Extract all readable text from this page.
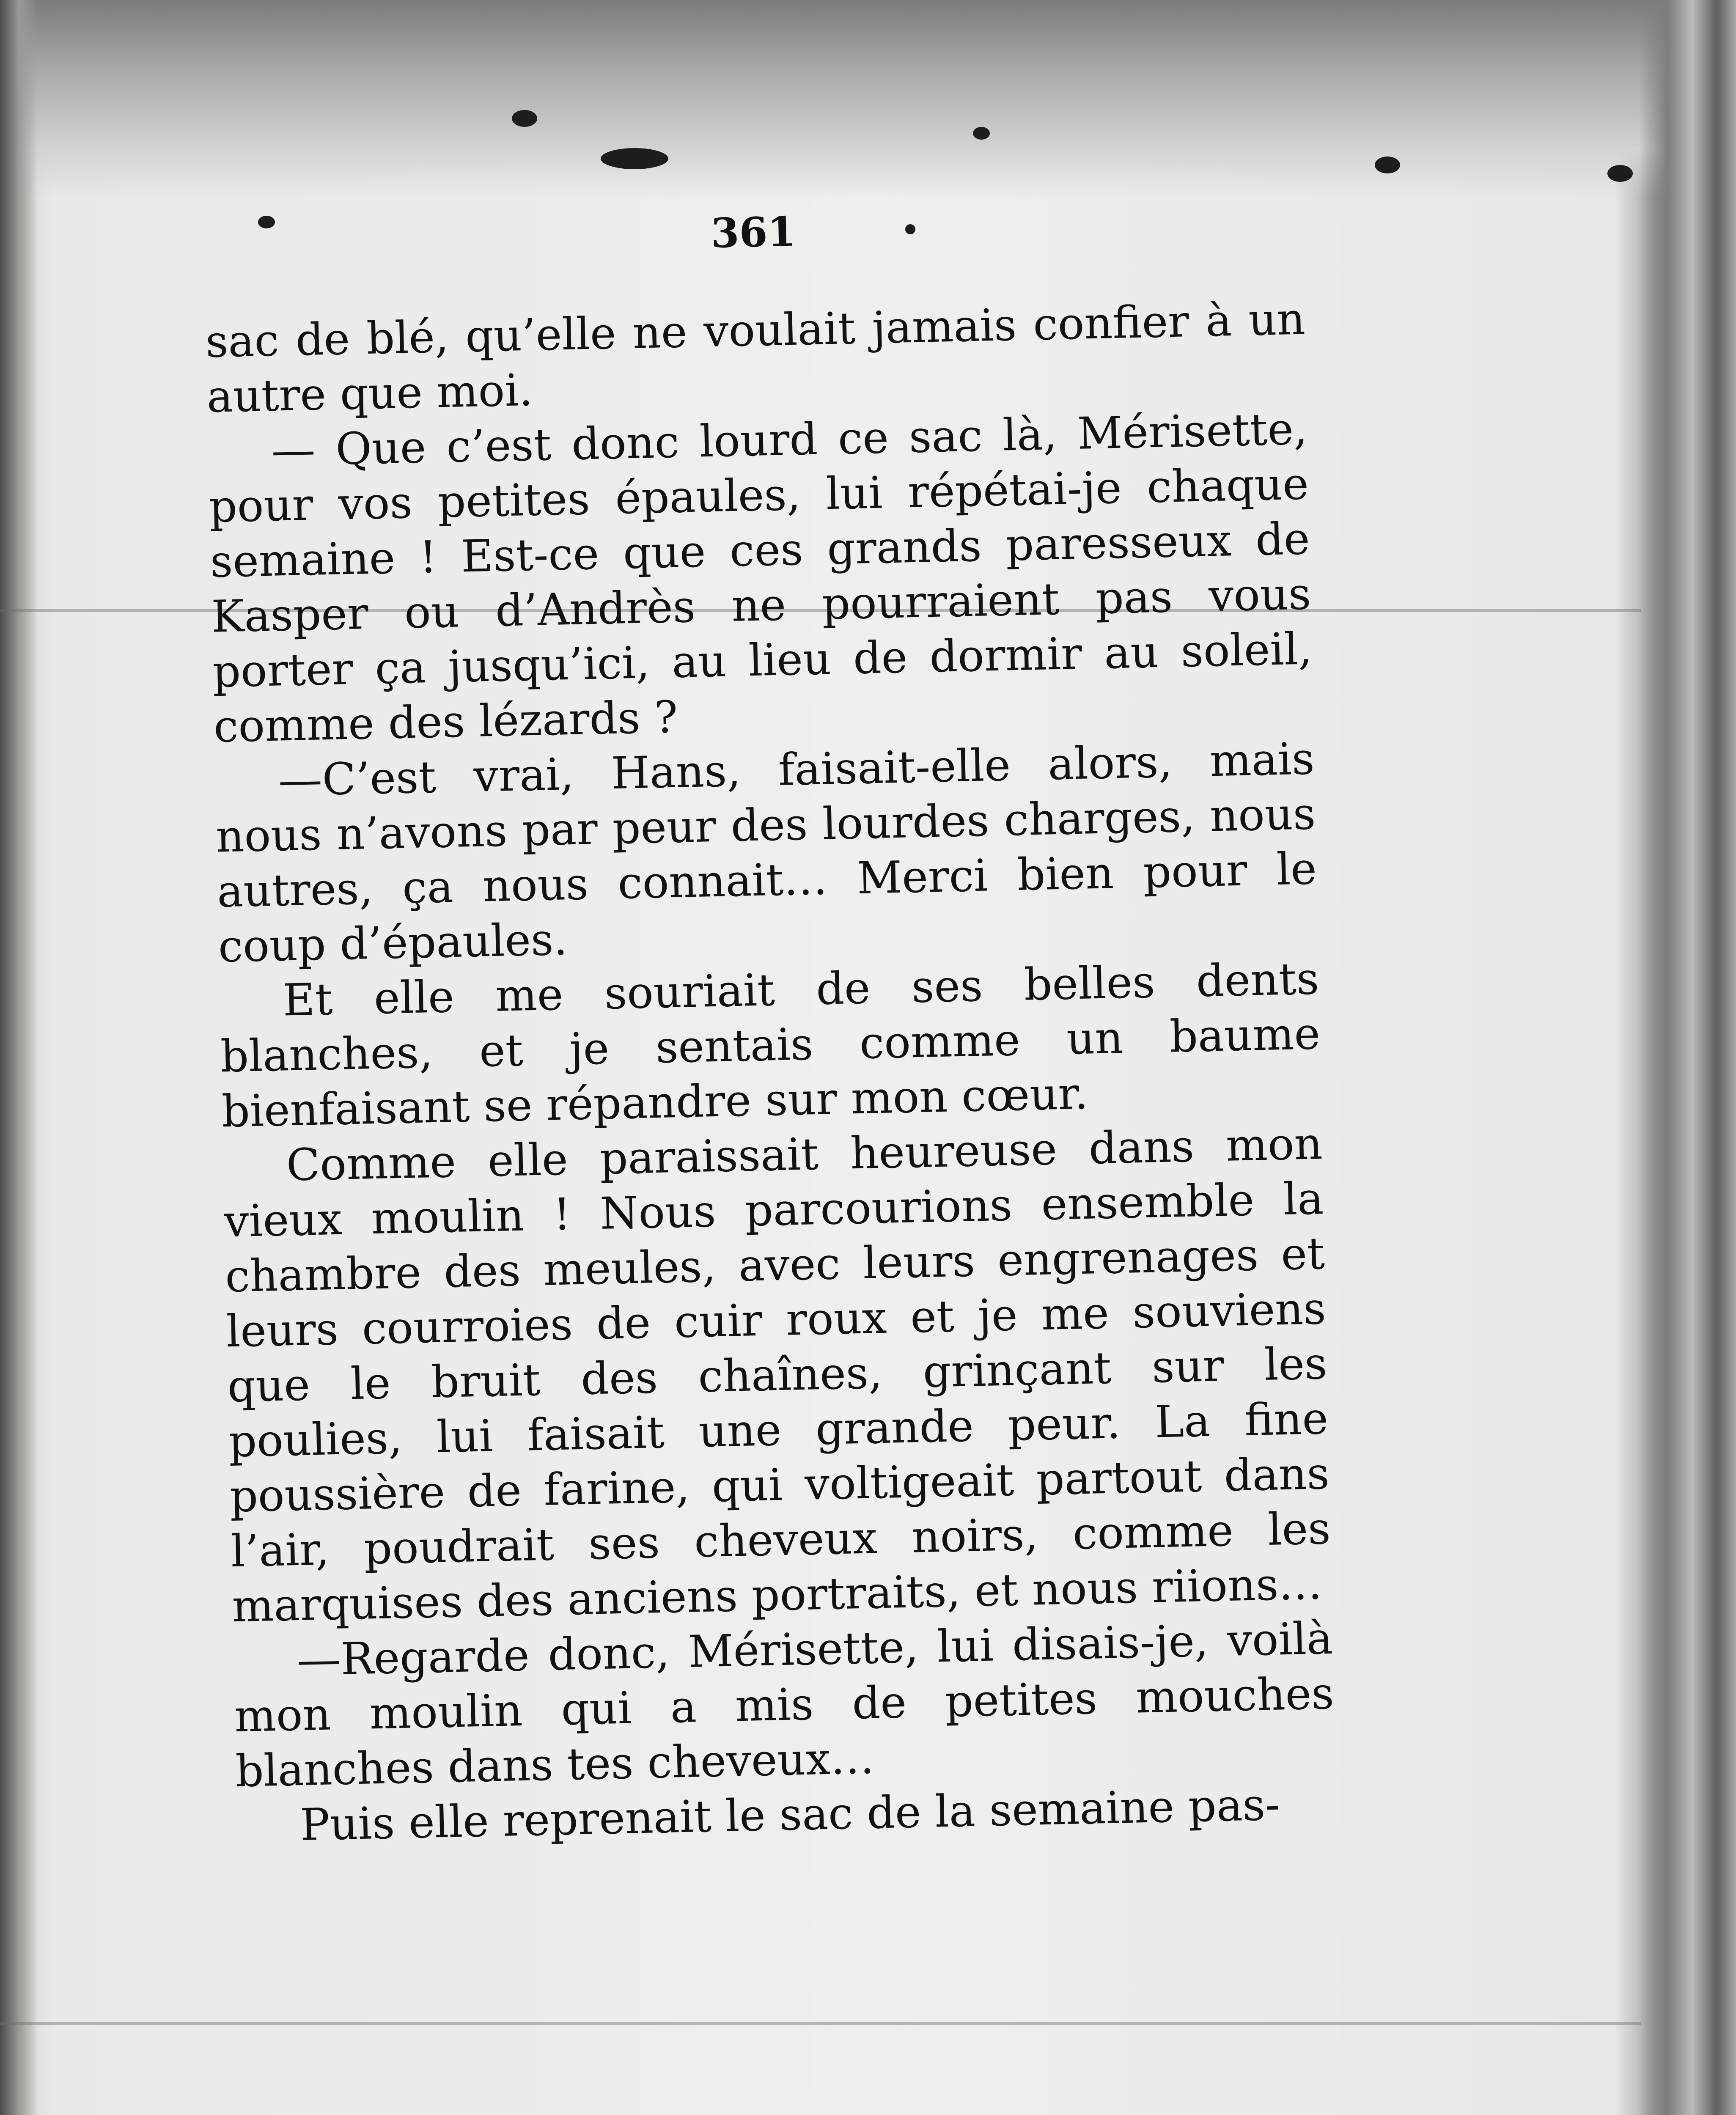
361

sac de blé, qu’elle ne voulait jamais confier à un autre que moi.

— Que c’est donc lourd ce sac là, Mérisette, pour vos petites épaules, lui répétai-je chaque semaine ! Est-ce que ces grands paresseux de Kasper ou d’Andrès ne pourraient pas vous porter ça jusqu’ici, au lieu de dormir au soleil, comme des lézards ?

—C’est vrai, Hans, faisait-elle alors, mais nous n’avons par peur des lourdes charges, nous autres, ça nous connait… Merci bien pour le coup d’épaules.

Et elle me souriait de ses belles dents blanches, et je sentais comme un baume bienfaisant se répandre sur mon cœur.

Comme elle paraissait heureuse dans mon vieux moulin ! Nous parcourions ensemble la chambre des meules, avec leurs engrenages et leurs courroies de cuir roux et je me souviens que le bruit des chaînes, grinçant sur les poulies, lui faisait une grande peur. La fine poussière de farine, qui voltigeait partout dans l’air, poudrait ses cheveux noirs, comme les marquises des anciens portraits, et nous riions…

—Regarde donc, Mérisette, lui disais-je, voilà mon moulin qui a mis de petites mouches blanches dans tes cheveux…

Puis elle reprenait le sac de la semaine pas-
